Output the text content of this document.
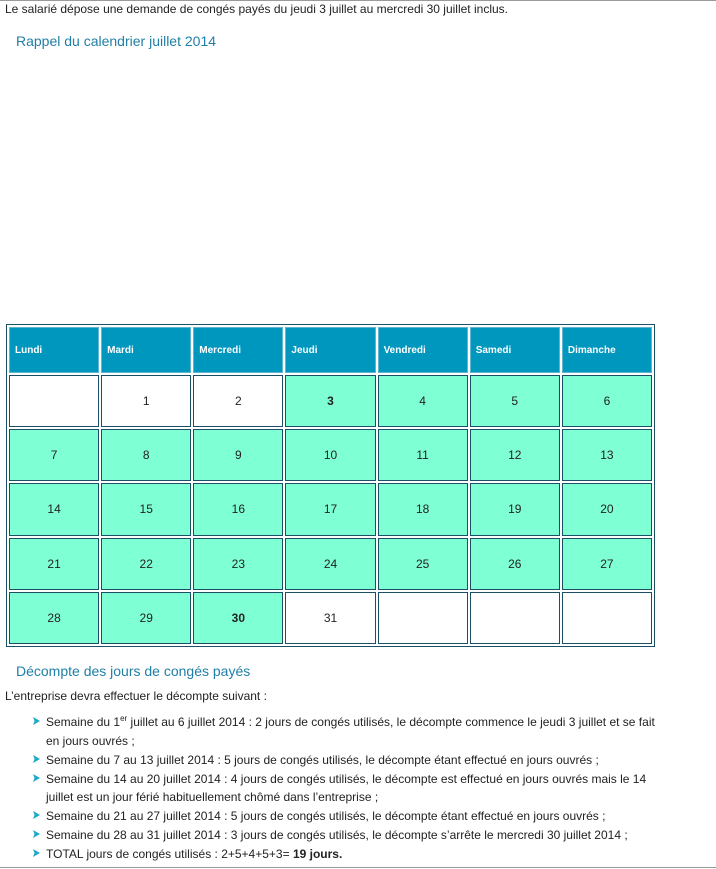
Le salarié dépose une demande de congés payés du jeudi 3 juillet au mercredi 30 juillet inclus.
Rappel du calendrier juillet 2014
Lundi	Mardi	Mercredi	Jeudi	Vendredi	Samedi	Dimanche
	1	2	3	4	5	6
7	8	9	10	11	12	13
14	15	16	17	18	19	20
21	22	23	24	25	26	27
28	29	30	31			
Décompte des jours de congés payés
L’entreprise devra effectuer le décompte suivant :
Semaine du 1er juillet au 6 juillet 2014 : 2 jours de congés utilisés, le décompte commence le jeudi 3 juillet et se fait en jours ouvrés ;
Semaine du 7 au 13 juillet 2014 : 5 jours de congés utilisés, le décompte étant effectué en jours ouvrés ;
Semaine du 14 au 20 juillet 2014 : 4 jours de congés utilisés, le décompte est effectué en jours ouvrés mais le 14 juillet est un jour férié habituellement chômé dans l’entreprise ;
Semaine du 21 au 27 juillet 2014 : 5 jours de congés utilisés, le décompte étant effectué en jours ouvrés ;
Semaine du 28 au 31 juillet 2014 : 3 jours de congés utilisés, le décompte s’arrête le mercredi 30 juillet 2014 ;
TOTAL jours de congés utilisés : 2+5+4+5+3= 19 jours.
